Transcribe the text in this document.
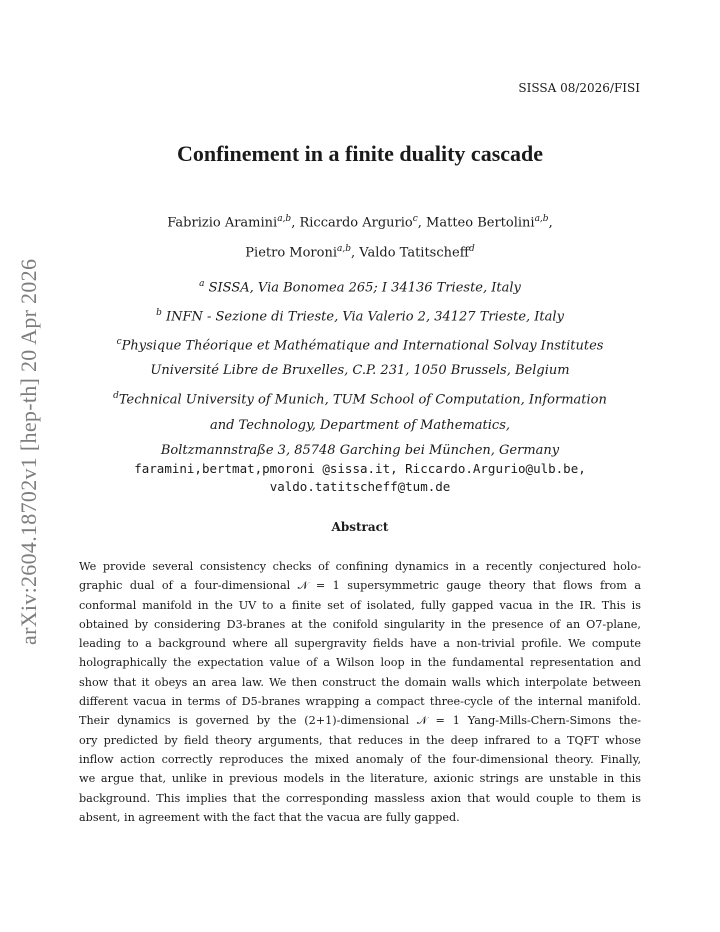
SISSA 08/2026/FISI
arXiv:2604.18702v1 [hep-th] 20 Apr 2026
Confinement in a finite duality cascade
Fabrizio Aramini$^{a,b}$, Riccardo Argurio$^c$, Matteo Bertolini$^{a,b}$,
Pietro Moroni$^{a,b}$, Valdo Tatitscheff$^d$
$^a$ SISSA, Via Bonomea 265; I 34136 Trieste, Italy
$^b$ INFN - Sezione di Trieste, Via Valerio 2, 34127 Trieste, Italy
$^c$Physique Théorique et Mathématique and International Solvay Institutes
Université Libre de Bruxelles, C.P. 231, 1050 Brussels, Belgium
$^d$Technical University of Munich, TUM School of Computation, Information
and Technology, Department of Mathematics,
Boltzmannstraße 3, 85748 Garching bei München, Germany
faramini,bertmat,pmoroni @sissa.it, Riccardo.Argurio@ulb.be,
valdo.tatitscheff@tum.de
Abstract
We provide several consistency checks of confining dynamics in a recently conjectured holo-
graphic dual of a four-dimensional 𝒩 = 1 supersymmetric gauge theory that flows from a
conformal manifold in the UV to a finite set of isolated, fully gapped vacua in the IR. This is
obtained by considering D3-branes at the conifold singularity in the presence of an O7-plane,
leading to a background where all supergravity fields have a non-trivial profile. We compute
holographically the expectation value of a Wilson loop in the fundamental representation and
show that it obeys an area law. We then construct the domain walls which interpolate between
different vacua in terms of D5-branes wrapping a compact three-cycle of the internal manifold.
Their dynamics is governed by the (2+1)-dimensional 𝒩 = 1 Yang-Mills-Chern-Simons the-
ory predicted by field theory arguments, that reduces in the deep infrared to a TQFT whose
inflow action correctly reproduces the mixed anomaly of the four-dimensional theory. Finally,
we argue that, unlike in previous models in the literature, axionic strings are unstable in this
background. This implies that the corresponding massless axion that would couple to them is
absent, in agreement with the fact that the vacua are fully gapped.
